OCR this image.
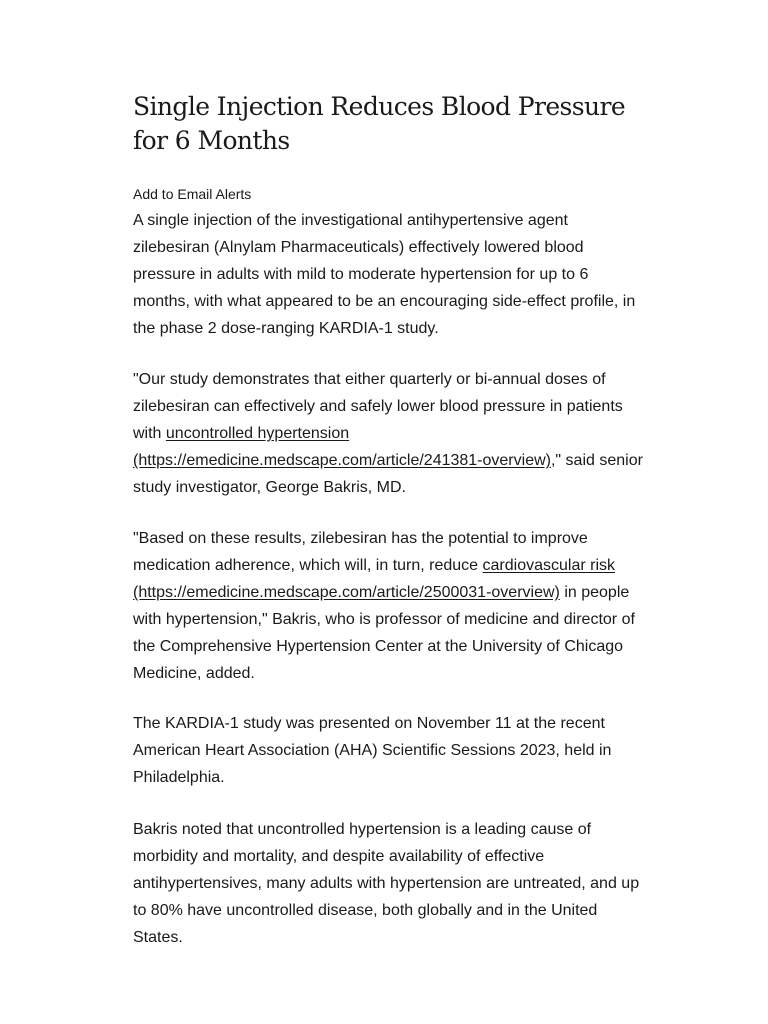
Single Injection Reduces Blood Pressure for 6 Months
Add to Email Alerts

A single injection of the investigational antihypertensive agent zilebesiran (Alnylam Pharmaceuticals) effectively lowered blood pressure in adults with mild to moderate hypertension for up to 6 months, with what appeared to be an encouraging side-effect profile, in the phase 2 dose-ranging KARDIA-1 study.

"Our study demonstrates that either quarterly or bi-annual doses of zilebesiran can effectively and safely lower blood pressure in patients with uncontrolled hypertension (https://emedicine.medscape.com/article/241381-overview)," said senior study investigator, George Bakris, MD.

"Based on these results, zilebesiran has the potential to improve medication adherence, which will, in turn, reduce cardiovascular risk (https://emedicine.medscape.com/article/2500031-overview) in people with hypertension," Bakris, who is professor of medicine and director of the Comprehensive Hypertension Center at the University of Chicago Medicine, added.

The KARDIA-1 study was presented on November 11 at the recent American Heart Association (AHA) Scientific Sessions 2023, held in Philadelphia.

Bakris noted that uncontrolled hypertension is a leading cause of morbidity and mortality, and despite availability of effective antihypertensives, many adults with hypertension are untreated, and up to 80% have uncontrolled disease, both globally and in the United States.
